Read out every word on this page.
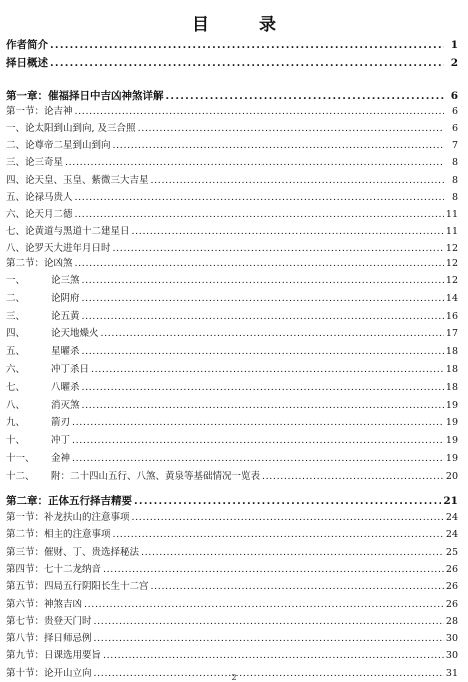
目 录
作者简介 . . .	1
择日概述 . . .	2
第一章：催福择日中吉凶神煞详解 . . .	6
第一节： 论吉神 . . .	6
一、 论太阳到山到向, 及三合照 . . .	6
二、 论尊帝二星到山到向 . . .	7
三、 论三奇星 . . .	8
四、 论天皇、玉皇、紫微三大吉星 . . .	8
五、 论禄马贵人 . . .	8
六、 论天月二德 . . .	11
七、 论黄道与黑道十二建星日 . . .	11
八、 论罗天大进年月日时 . . .	12
第二节： 论凶煞 . . .	12
一、	论三煞 . . .	12
二、	论阴府 . . .	14
三、	论五黄 . . .	16
四、	论天地燥火 . . .	17
五、	星曜杀 . . .	18
六、	冲丁杀日 . . .	18
七、	八曜杀 . . .	18
八、	消灭煞 . . .	19
九、	箭刃 . . .	19
十、	冲丁 . . .	19
十一、	金神 . . .	19
十二、	附：二十四山五行、八煞、黄泉等基础情况一览表 . . .	20
第二章：正体五行择吉精要 . . .	21
第一节： 补龙扶山的注意事项 . . .	24
第二节： 相主的注意事项 . . .	24
第三节： 催财、丁、贵选择秘法 . . .	25
第四节： 七十二龙纳音 . . .	26
第五节： 四局五行阴阳长生十二宫 . . .	26
第六节： 神煞吉凶 . . .	26
第七节： 贵登天门时 . . .	28
第八节： 择日师忌例 . . .	30
第九节： 日课选用要旨 . . .	30
第十节： 论开山立向 . . .	31
2
